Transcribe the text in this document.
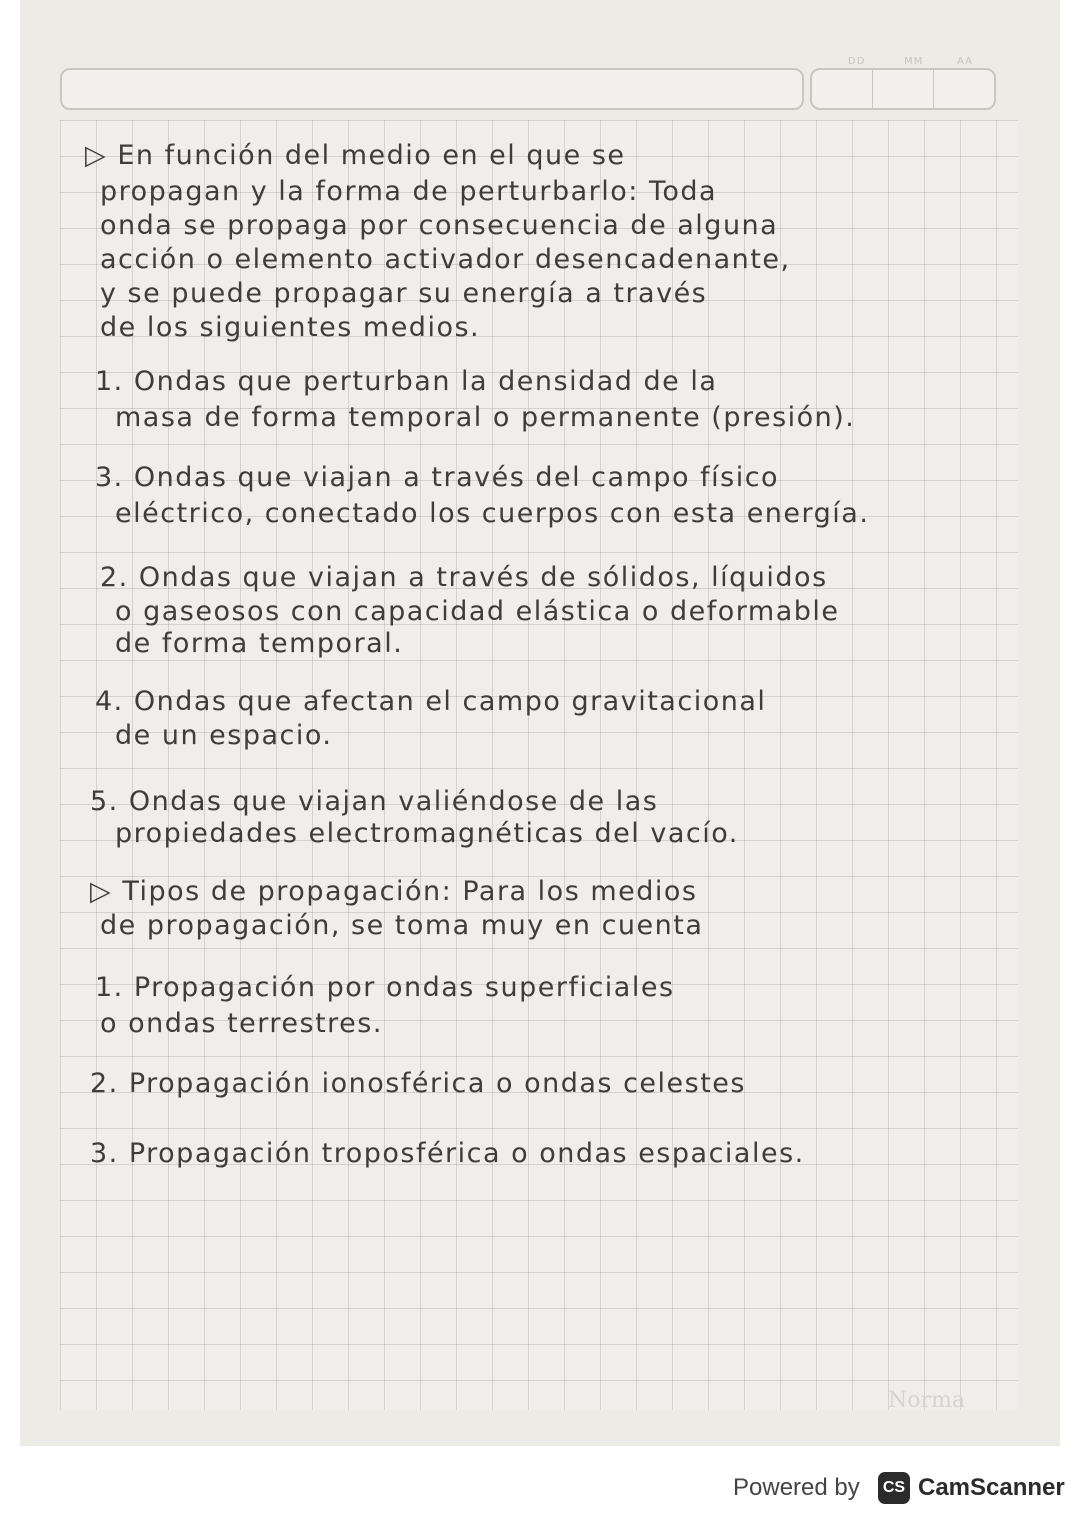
DD	MM	AA
▷ En función del medio en el que se
propagan y la forma de perturbarlo: Toda
onda se propaga por consecuencia de alguna
acción o elemento activador desencadenante,
y se puede propagar su energía a través
de los siguientes medios.
1. Ondas que perturban la densidad de la
masa de forma temporal o permanente (presión).
3. Ondas que viajan a través del campo físico
eléctrico, conectado los cuerpos con esta energía.
2. Ondas que viajan a través de sólidos, líquidos
o gaseosos con capacidad elástica o deformable
de forma temporal.
4. Ondas que afectan el campo gravitacional
de un espacio.
5. Ondas que viajan valiéndose de las
propiedades electromagnéticas del vacío.
▷ Tipos de propagación: Para los medios
de propagación, se toma muy en cuenta
1. Propagación por ondas superficiales
o ondas terrestres.
2. Propagación ionosférica o ondas celestes
3. Propagación troposférica o ondas espaciales.
Norma
Powered by	CS CamScanner
